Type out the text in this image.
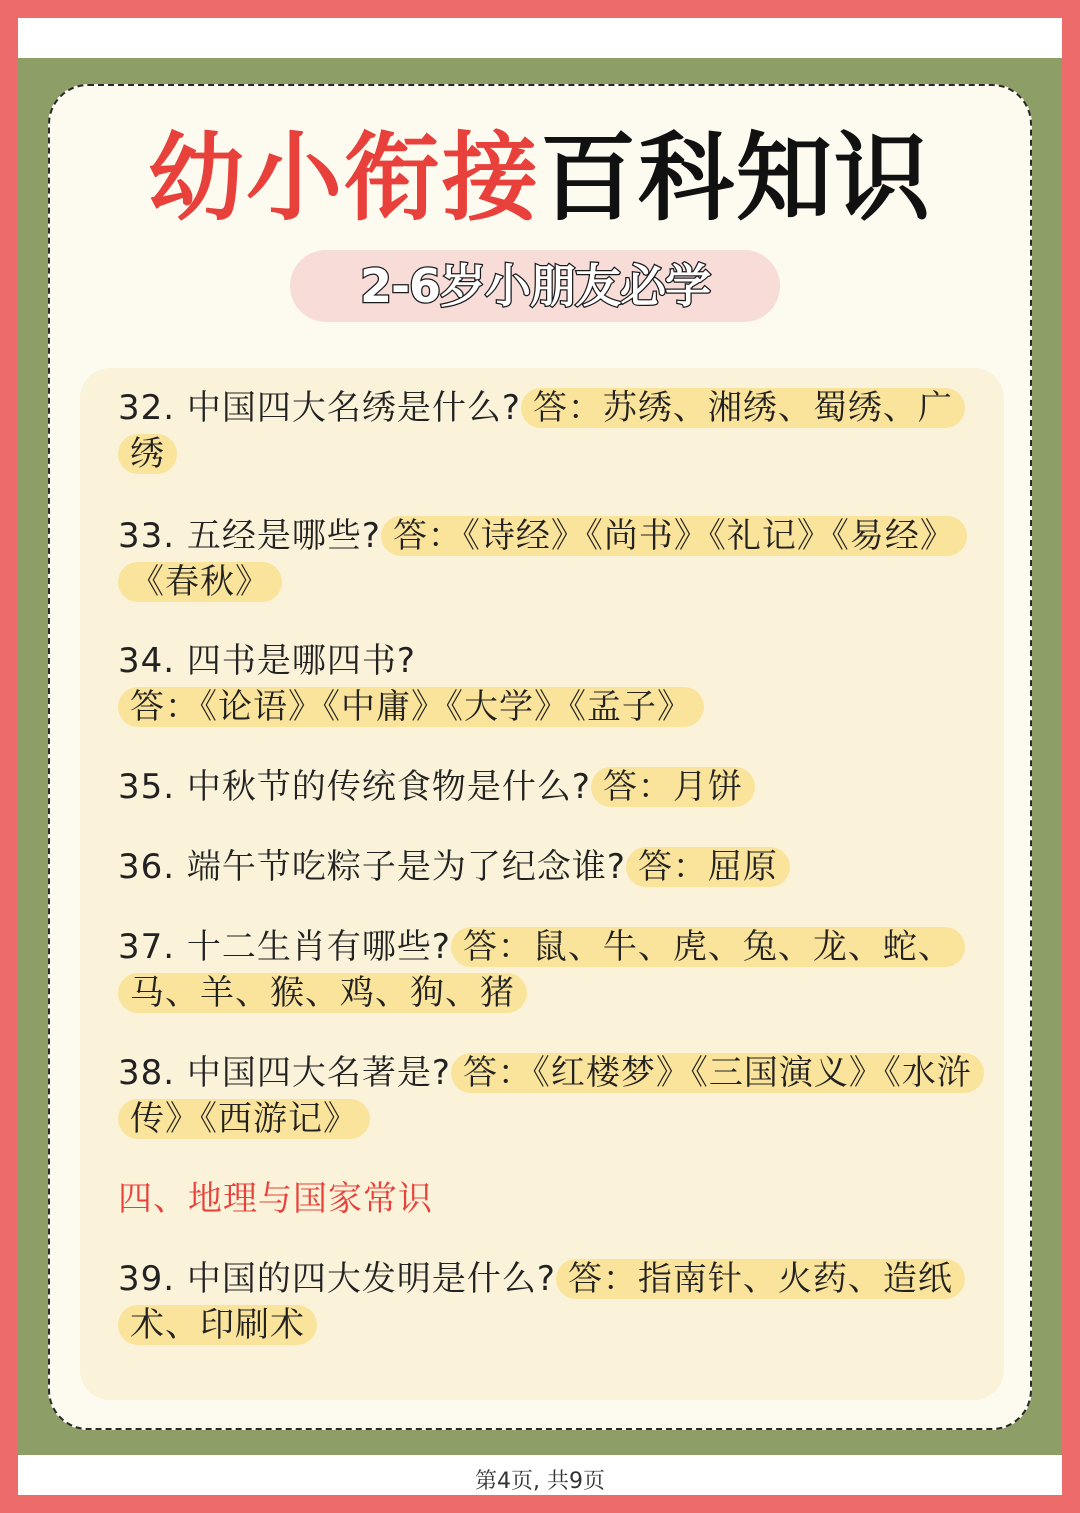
幼小衔接百科知识
2-6岁小朋友必学
32. 中国四大名绣是什么? 答：苏绣、湘绣、蜀绣、广绣
33. 五经是哪些? 答：《诗经》《尚书》《礼记》《易经》《春秋》
34. 四书是哪四书?答：《论语》《中庸》《大学》《孟子》
35. 中秋节的传统食物是什么? 答：月饼
36. 端午节吃粽子是为了纪念谁? 答：屈原
37. 十二生肖有哪些? 答：鼠、牛、虎、兔、龙、蛇、马、羊、猴、鸡、狗、猪
38. 中国四大名著是? 答：《红楼梦》《三国演义》《水浒传》《西游记》
四、地理与国家常识
39. 中国的四大发明是什么? 答：指南针、火药、造纸术、印刷术
第4页, 共9页
